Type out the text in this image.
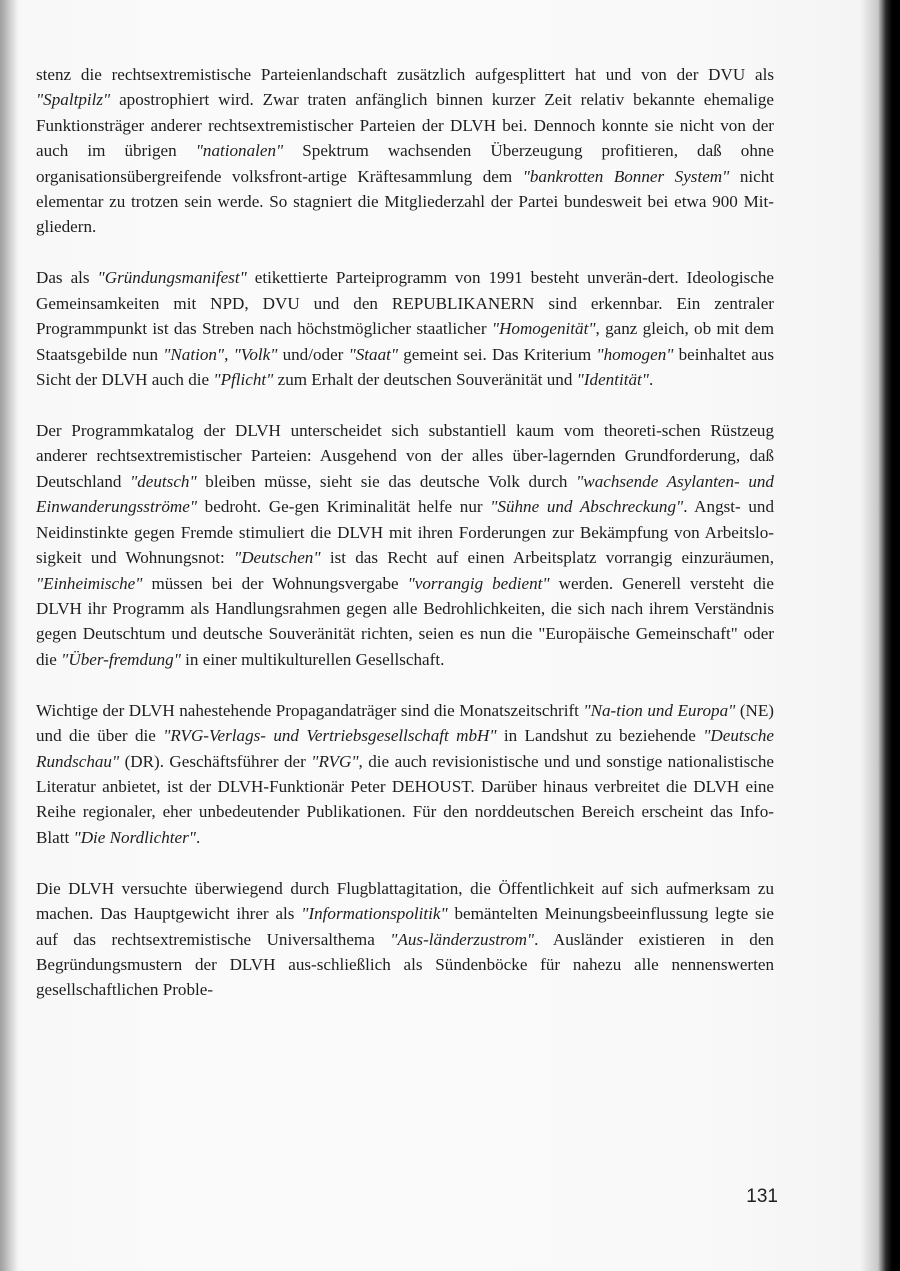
stenz die rechtsextremistische Parteienlandschaft zusätzlich aufgesplittert hat und von der DVU als "Spaltpilz" apostrophiert wird. Zwar traten anfänglich binnen kurzer Zeit relativ bekannte ehemalige Funktionsträger anderer rechtsextremistischer Parteien der DLVH bei. Dennoch konnte sie nicht von der auch im übrigen "nationalen" Spektrum wachsenden Überzeugung profitieren, daß ohne organisationsübergreifende volksfront-artige Kräftesammlung dem "bankrotten Bonner System" nicht elementar zu trotzen sein werde. So stagniert die Mitgliederzahl der Partei bundesweit bei etwa 900 Mit-gliedern.

Das als "Gründungsmanifest" etikettierte Parteiprogramm von 1991 besteht unverän-dert. Ideologische Gemeinsamkeiten mit NPD, DVU und den REPUBLIKANERN sind erkennbar. Ein zentraler Programmpunkt ist das Streben nach höchstmöglicher staatlicher "Homogenität", ganz gleich, ob mit dem Staatsgebilde nun "Nation", "Volk" und/oder "Staat" gemeint sei. Das Kriterium "homogen" beinhaltet aus Sicht der DLVH auch die "Pflicht" zum Erhalt der deutschen Souveränität und "Identität".

Der Programmkatalog der DLVH unterscheidet sich substantiell kaum vom theoreti-schen Rüstzeug anderer rechtsextremistischer Parteien: Ausgehend von der alles über-lagernden Grundforderung, daß Deutschland "deutsch" bleiben müsse, sieht sie das deutsche Volk durch "wachsende Asylanten- und Einwanderungsströme" bedroht. Ge-gen Kriminalität helfe nur "Sühne und Abschreckung". Angst- und Neidinstinkte gegen Fremde stimuliert die DLVH mit ihren Forderungen zur Bekämpfung von Arbeitslo-sigkeit und Wohnungsnot: "Deutschen" ist das Recht auf einen Arbeitsplatz vorrangig einzuräumen, "Einheimische" müssen bei der Wohnungsvergabe "vorrangig bedient" werden. Generell versteht die DLVH ihr Programm als Handlungsrahmen gegen alle Bedrohlichkeiten, die sich nach ihrem Verständnis gegen Deutschtum und deutsche Souveränität richten, seien es nun die "Europäische Gemeinschaft" oder die "Über-fremdung" in einer multikulturellen Gesellschaft.

Wichtige der DLVH nahestehende Propagandaträger sind die Monatszeitschrift "Na-tion und Europa" (NE) und die über die "RVG-Verlags- und Vertriebsgesellschaft mbH" in Landshut zu beziehende "Deutsche Rundschau" (DR). Geschäftsführer der "RVG", die auch revisionistische und und sonstige nationalistische Literatur anbietet, ist der DLVH-Funktionär Peter DEHOUST. Darüber hinaus verbreitet die DLVH eine Reihe regionaler, eher unbedeutender Publikationen. Für den norddeutschen Bereich erscheint das Info-Blatt "Die Nordlichter".

Die DLVH versuchte überwiegend durch Flugblattagitation, die Öffentlichkeit auf sich aufmerksam zu machen. Das Hauptgewicht ihrer als "Informationspolitik" bemäntelten Meinungsbeeinflussung legte sie auf das rechtsextremistische Universalthema "Aus-länderzustrom". Ausländer existieren in den Begründungsmustern der DLVH aus-schließlich als Sündenböcke für nahezu alle nennenswerten gesellschaftlichen Proble-

131
